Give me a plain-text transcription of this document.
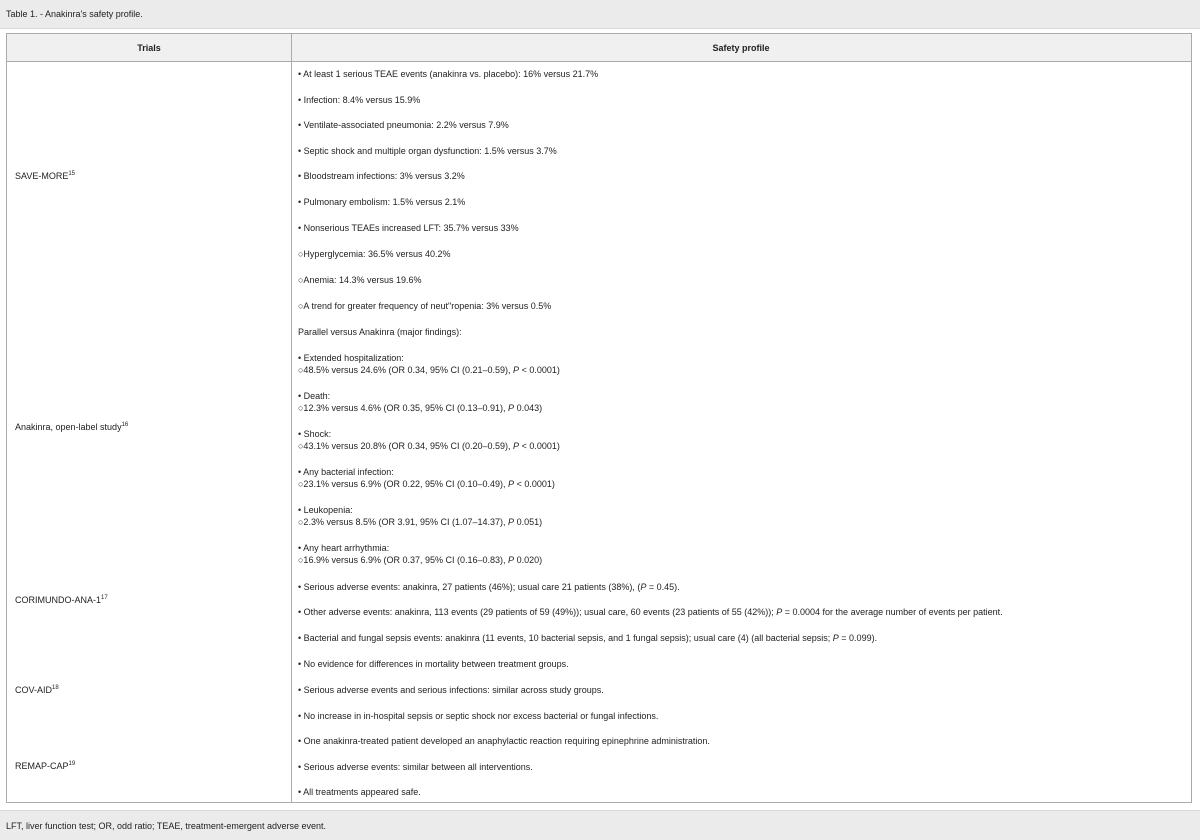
Table 1. - Anakinra's safety profile.
Trials	Safety profile
SAVE-MORE$^{15}$
Anakinra, open-label study$^{16}$
CORIMUNDO-$ANA-1^{17}$
COV-AID$^{18}$
REMAP-CAP$^{19}$
• At least 1 serious TEAE events (anakinra vs. placebo): 16% versus 21.7%
• Infection: 8.4% versus 15.9%
• Ventilate-associated pneumonia: 2.2% versus 7.9%
• Septic shock and multiple organ dysfunction: 1.5% versus 3.7%
• Bloodstream infections: 3% versus 3.2%
• Pulmonary embolism: 1.5% versus 2.1%
• Nonserious TEAEs increased LFT: 35.7% versus 33%
○Hyperglycemia: 36.5% versus 40.2%
○Anemia: 14.3% versus 19.6%
○A trend for greater frequency of neut"ropenia: 3% versus 0.5%
Parallel versus Anakinra (major findings):
• Extended hospitalization:
○48.5% versus 24.6% (OR 0.34, 95% CI (0.21–0.59), P < 0.0001)
• Death:
○12.3% versus 4.6% (OR 0.35, 95% CI (0.13–0.91), P 0.043)
• Shock:
○43.1% versus 20.8% (OR 0.34, 95% CI (0.20–0.59), P < 0.0001)
• Any bacterial infection:
○23.1% versus 6.9% (OR 0.22, 95% CI (0.10–0.49), P < 0.0001)
• Leukopenia:
○2.3% versus 8.5% (OR 3.91, 95% CI (1.07–14.37), P 0.051)
• Any heart arrhythmia:
○16.9% versus 6.9% (OR 0.37, 95% CI (0.16–0.83), P 0.020)
• Serious adverse events: anakinra, 27 patients (46%); usual care 21 patients (38%), (P = 0.45).
• Other adverse events: anakinra, 113 events (29 patients of 59 (49%)); usual care, 60 events (23 patients of 55 (42%)); P = 0.0004 for the average number of events per patient.
• Bacterial and fungal sepsis events: anakinra (11 events, 10 bacterial sepsis, and 1 fungal sepsis); usual care (4) (all bacterial sepsis; P = 0.099).
• No evidence for differences in mortality between treatment groups.
• Serious adverse events and serious infections: similar across study groups.
• No increase in in-hospital sepsis or septic shock nor excess bacterial or fungal infections.
• One anakinra-treated patient developed an anaphylactic reaction requiring epinephrine administration.
• Serious adverse events: similar between all interventions.
• All treatments appeared safe.
LFT, liver function test; OR, odd ratio; TEAE, treatment-emergent adverse event.
